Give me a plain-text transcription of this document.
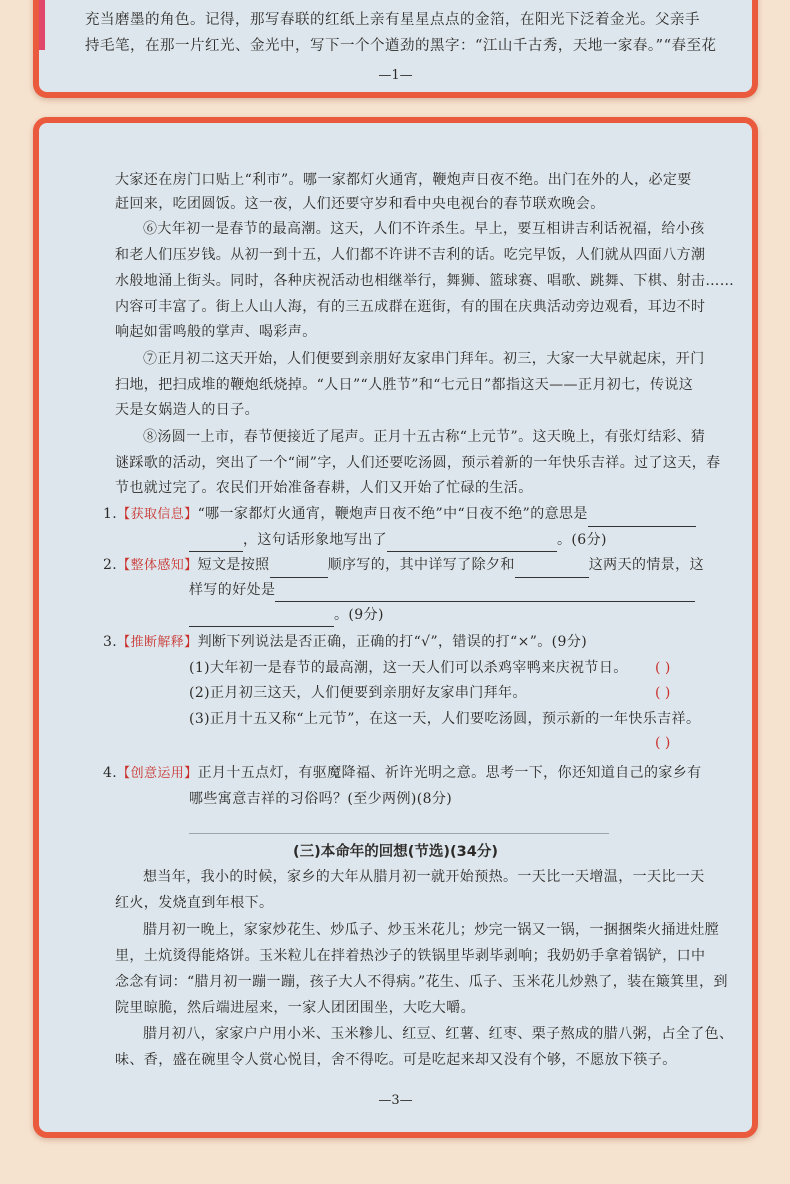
充当磨墨的角色。记得，那写春联的红纸上亲有星星点点的金箔，在阳光下泛着金光。父亲手
持毛笔，在那一片红光、金光中，写下一个个遒劲的黑字：“江山千古秀，天地一家春。”“春至花
—1—
大家还在房门口贴上“利市”。哪一家都灯火通宵，鞭炮声日夜不绝。出门在外的人，必定要
赶回来，吃团圆饭。这一夜，人们还要守岁和看中央电视台的春节联欢晚会。
⑥大年初一是春节的最高潮。这天，人们不许杀生。早上，要互相讲吉利话祝福，给小孩
和老人们压岁钱。从初一到十五，人们都不许讲不吉利的话。吃完早饭，人们就从四面八方潮
水般地涌上街头。同时，各种庆祝活动也相继举行，舞狮、篮球赛、唱歌、跳舞、下棋、射击……
内容可丰富了。街上人山人海，有的三五成群在逛街，有的围在庆典活动旁边观看，耳边不时
响起如雷鸣般的掌声、喝彩声。
⑦正月初二这天开始，人们便要到亲朋好友家串门拜年。初三，大家一大早就起床，开门
扫地，把扫成堆的鞭炮纸烧掉。“人日”“人胜节”和“七元日”都指这天——正月初七，传说这
天是女娲造人的日子。
⑧汤圆一上市，春节便接近了尾声。正月十五古称“上元节”。这天晚上，有张灯结彩、猜
谜踩歌的活动，突出了一个“闹”字，人们还要吃汤圆，预示着新的一年快乐吉祥。过了这天，春
节也就过完了。农民们开始准备春耕，人们又开始了忙碌的生活。
1.【获取信息】“哪一家都灯火通宵，鞭炮声日夜不绝”中“日夜不绝”的意思是
，这句话形象地写出了	。(6分)
2.【整体感知】短文是按照	顺序写的，其中详写了除夕和	这两天的情景，这
样写的好处是
。(9分)
3.【推断解释】判断下列说法是否正确，正确的打“√”，错误的打“×”。(9分)
(1)大年初一是春节的最高潮，这一天人们可以杀鸡宰鸭来庆祝节日。 ( )
(2)正月初三这天，人们便要到亲朋好友家串门拜年。	( )
(3)正月十五又称“上元节”，在这一天，人们要吃汤圆，预示新的一年快乐吉祥。
( )
4.【创意运用】正月十五点灯，有驱魔降福、祈许光明之意。思考一下，你还知道自己的家乡有
哪些寓意吉祥的习俗吗？(至少两例)(8分)
(三)本命年的回想(节选)(34分)
想当年，我小的时候，家乡的大年从腊月初一就开始预热。一天比一天增温，一天比一天
红火，发烧直到年根下。
腊月初一晚上，家家炒花生、炒瓜子、炒玉米花儿；炒完一锅又一锅，一捆捆柴火捅进灶膛
里，土炕烫得能烙饼。玉米粒儿在拌着热沙子的铁锅里毕剥毕剥响；我奶奶手拿着锅铲，口中
念念有词：“腊月初一蹦一蹦，孩子大人不得病。”花生、瓜子、玉米花儿炒熟了，装在簸箕里，到
院里晾脆，然后端进屋来，一家人团团围坐，大吃大嚼。
腊月初八，家家户户用小米、玉米糁儿、红豆、红薯、红枣、栗子熬成的腊八粥，占全了色、
味、香，盛在碗里令人赏心悦目，舍不得吃。可是吃起来却又没有个够，不愿放下筷子。
—3—
